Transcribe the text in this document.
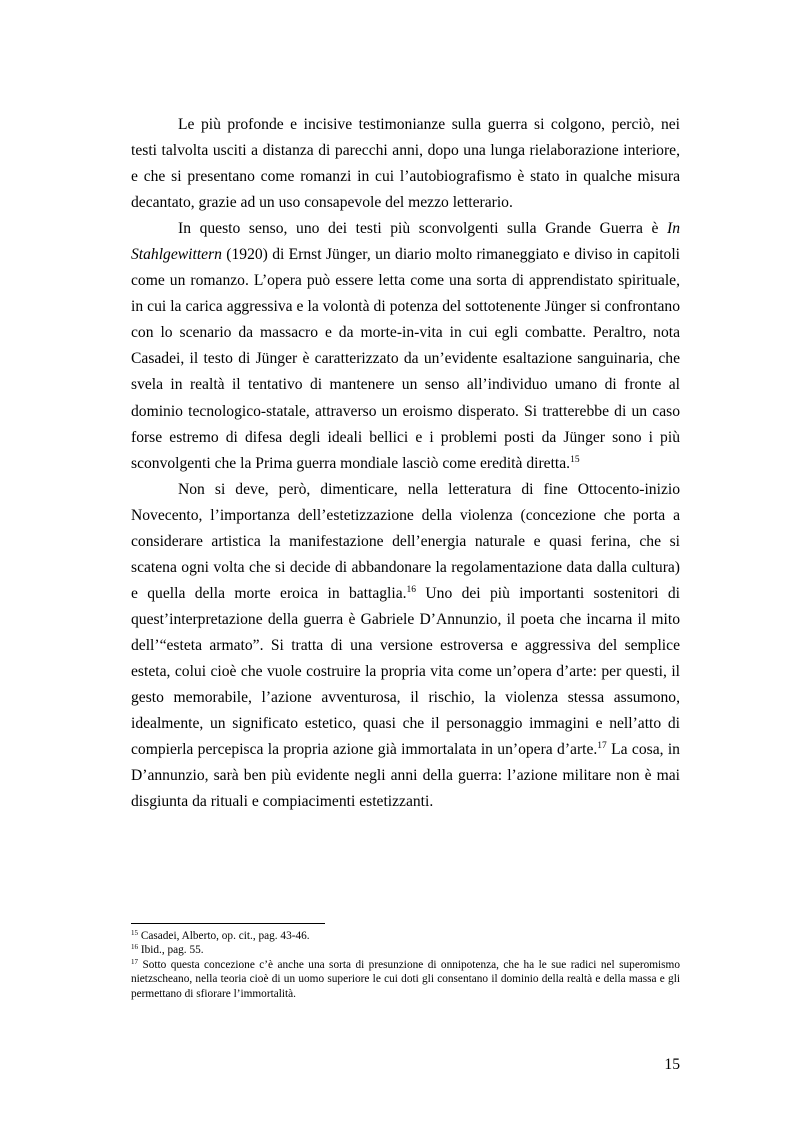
Le più profonde e incisive testimonianze sulla guerra si colgono, perciò, nei testi talvolta usciti a distanza di parecchi anni, dopo una lunga rielaborazione interiore, e che si presentano come romanzi in cui l’autobiografismo è stato in qualche misura decantato, grazie ad un uso consapevole del mezzo letterario.

In questo senso, uno dei testi più sconvolgenti sulla Grande Guerra è In Stahlgewittern (1920) di Ernst Jünger, un diario molto rimaneggiato e diviso in capitoli come un romanzo. L’opera può essere letta come una sorta di apprendistato spirituale, in cui la carica aggressiva e la volontà di potenza del sottotenente Jünger si confrontano con lo scenario da massacro e da morte-in-vita in cui egli combatte. Peraltro, nota Casadei, il testo di Jünger è caratterizzato da un’evidente esaltazione sanguinaria, che svela in realtà il tentativo di mantenere un senso all’individuo umano di fronte al dominio tecnologico-statale, attraverso un eroismo disperato. Si tratterebbe di un caso forse estremo di difesa degli ideali bellici e i problemi posti da Jünger sono i più sconvolgenti che la Prima guerra mondiale lasciò come eredità diretta.$^{15}$

Non si deve, però, dimenticare, nella letteratura di fine Ottocento-inizio Novecento, l’importanza dell’estetizzazione della violenza (concezione che porta a considerare artistica la manifestazione dell’energia naturale e quasi ferina, che si scatena ogni volta che si decide di abbandonare la regolamentazione data dalla cultura) e quella della morte eroica in battaglia.$^{16}$ Uno dei più importanti sostenitori di quest’interpretazione della guerra è Gabriele D’Annunzio, il poeta che incarna il mito dell’“esteta armato”. Si tratta di una versione estroversa e aggressiva del semplice esteta, colui cioè che vuole costruire la propria vita come un’opera d’arte: per questi, il gesto memorabile, l’azione avventurosa, il rischio, la violenza stessa assumono, idealmente, un significato estetico, quasi che il personaggio immagini e nell’atto di compierla percepisca la propria azione già immortalata in un’opera d’arte.$^{17}$ La cosa, in D’annunzio, sarà ben più evidente negli anni della guerra: l’azione militare non è mai disgiunta da rituali e compiacimenti estetizzanti.

$^{15}$ Casadei, Alberto, op. cit., pag. 43-46.

$^{16}$ Ibid., pag. 55.

$^{17}$ Sotto questa concezione c’è anche una sorta di presunzione di onnipotenza, che ha le sue radici nel superomismo nietzscheano, nella teoria cioè di un uomo superiore le cui doti gli consentano il dominio della realtà e della massa e gli permettano di sfiorare l’immortalità.

15
